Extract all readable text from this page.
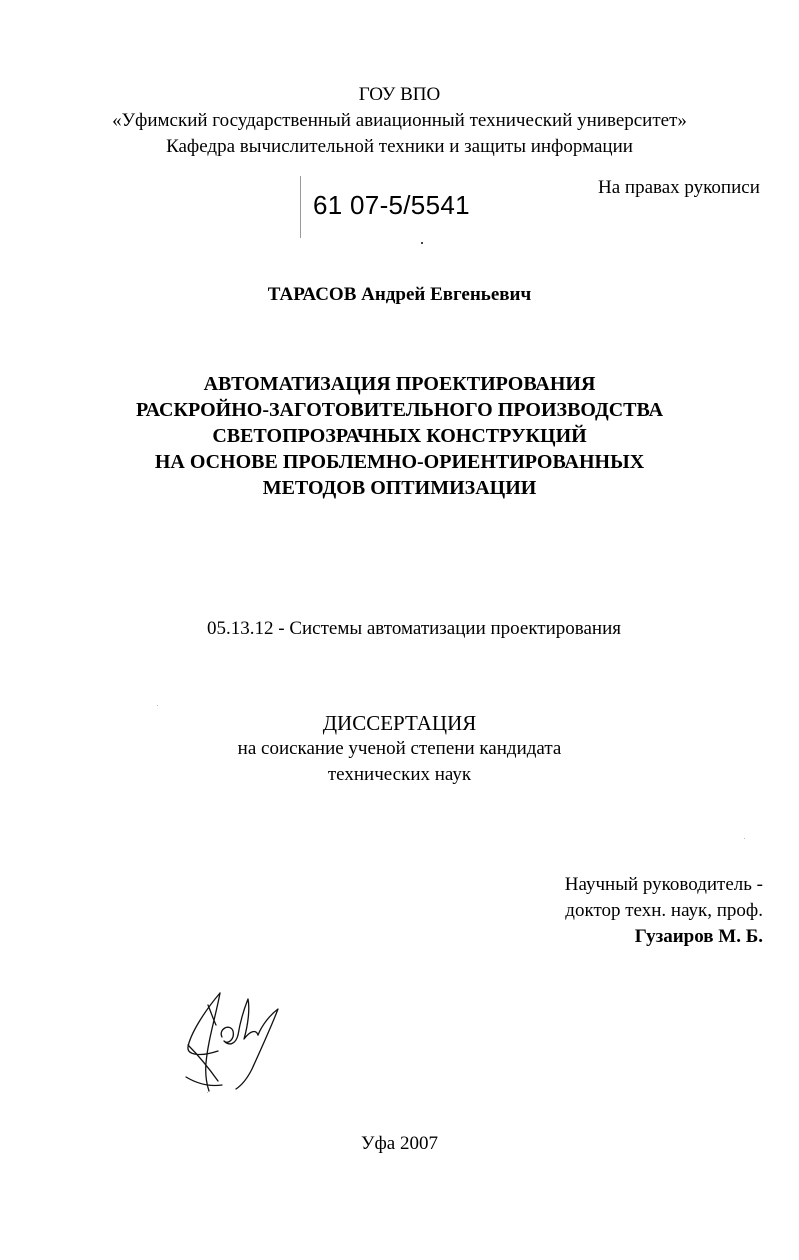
ГОУ ВПО
«Уфимский государственный авиационный технический университет»
Кафедра вычислительной техники и защиты информации
61 07-5/5541
На правах рукописи
ТАРАСОВ Андрей Евгеньевич
АВТОМАТИЗАЦИЯ ПРОЕКТИРОВАНИЯ
РАСКРОЙНО-ЗАГОТОВИТЕЛЬНОГО ПРОИЗВОДСТВА
СВЕТОПРОЗРАЧНЫХ КОНСТРУКЦИЙ
НА ОСНОВЕ ПРОБЛЕМНО-ОРИЕНТИРОВАННЫХ
МЕТОДОВ ОПТИМИЗАЦИИ
05.13.12 - Системы автоматизации проектирования
ДИССЕРТАЦИЯ
на соискание ученой степени кандидата
технических наук
Научный руководитель -
доктор техн. наук, проф.
Гузаиров М. Б.
Уфа 2007
